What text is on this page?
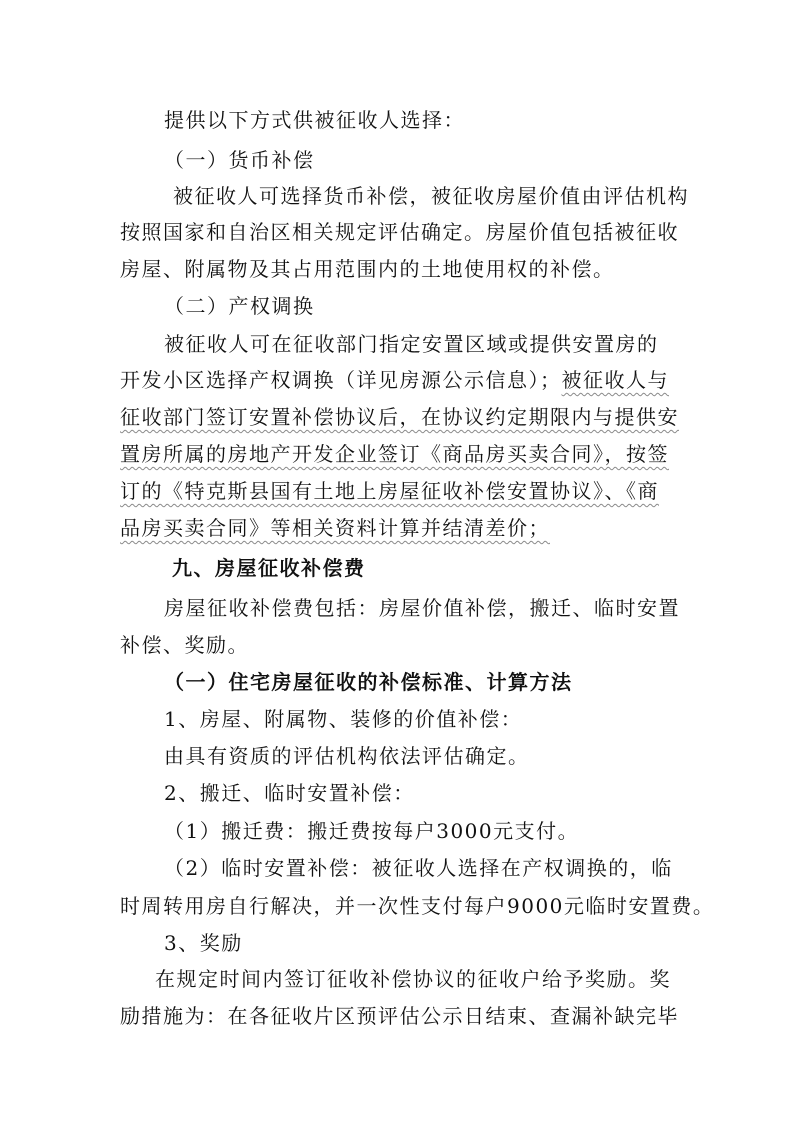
提供以下方式供被征收人选择：
（一）货币补偿
被征收人可选择货币补偿，被征收房屋价值由评估机构
按照国家和自治区相关规定评估确定。房屋价值包括被征收
房屋、附属物及其占用范围内的土地使用权的补偿。
（二）产权调换
被征收人可在征收部门指定安置区域或提供安置房的
开发小区选择产权调换（详见房源公示信息）；被征收人与
征收部门签订安置补偿协议后，在协议约定期限内与提供安
置房所属的房地产开发企业签订《商品房买卖合同》，按签
订的《特克斯县国有土地上房屋征收补偿安置协议》、《商
品房买卖合同》等相关资料计算并结清差价；
九、房屋征收补偿费
房屋征收补偿费包括：房屋价值补偿，搬迁、临时安置
补偿、奖励。
（一）住宅房屋征收的补偿标准、计算方法
1、房屋、附属物、装修的价值补偿：
由具有资质的评估机构依法评估确定。
2、搬迁、临时安置补偿：
（1）搬迁费：搬迁费按每户3000元支付。
（2）临时安置补偿：被征收人选择在产权调换的，临
时周转用房自行解决，并一次性支付每户9000元临时安置费。
3、奖励
在规定时间内签订征收补偿协议的征收户给予奖励。奖
励措施为：在各征收片区预评估公示日结束、查漏补缺完毕
